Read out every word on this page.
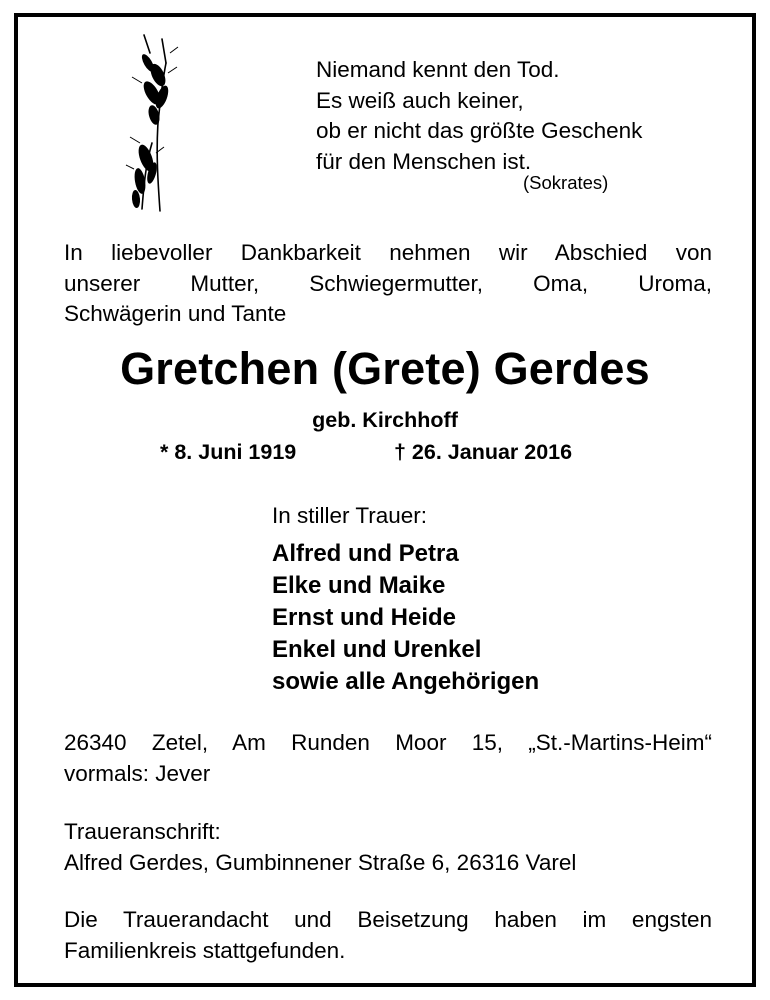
Niemand kennt den Tod.
Es weiß auch keiner,
ob er nicht das größte Geschenk
für den Menschen ist.
(Sokrates)
In liebevoller Dankbarkeit nehmen wir Abschied von
unserer Mutter, Schwiegermutter, Oma, Uroma,
Schwägerin und Tante
Gretchen (Grete) Gerdes
geb. Kirchhoff
* 8. Juni 1919	† 26. Januar 2016
In stiller Trauer:
Alfred und Petra
Elke und Maike
Ernst und Heide
Enkel und Urenkel
sowie alle Angehörigen
26340 Zetel, Am Runden Moor 15, „St.-Martins-Heim“
vormals: Jever
Traueranschrift:
Alfred Gerdes, Gumbinnener Straße 6, 26316 Varel
Die Trauerandacht und Beisetzung haben im engsten
Familienkreis stattgefunden.
